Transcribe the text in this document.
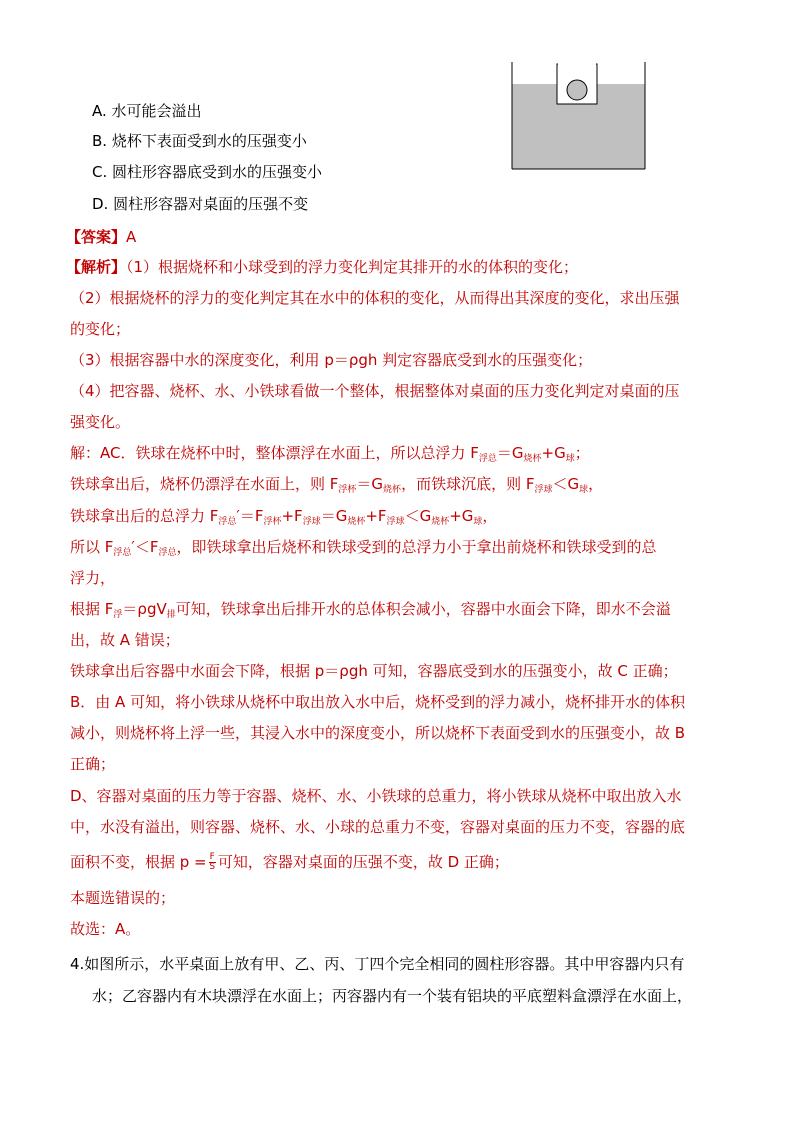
A. 水可能会溢出
B. 烧杯下表面受到水的压强变小
C. 圆柱形容器底受到水的压强变小
D. 圆柱形容器对桌面的压强不变
【答案】A
【解析】（1）根据烧杯和小球受到的浮力变化判定其排开的水的体积的变化；
（2）根据烧杯的浮力的变化判定其在水中的体积的变化，从而得出其深度的变化，求出压强
的变化；
（3）根据容器中水的深度变化，利用 p＝ρgh 判定容器底受到水的压强变化；
（4）把容器、烧杯、水、小铁球看做一个整体，根据整体对桌面的压力变化判定对桌面的压
强变化。
解：AC．铁球在烧杯中时，整体漂浮在水面上，所以总浮力 $F_{浮总}=G_{烧杯}+G_球$；
铁球拿出后，烧杯仍漂浮在水面上，则 $F_{浮杯}=G_{烧杯}$，而铁球沉底，则 $F_{浮球}<G_球$，
铁球拿出后的总浮力 $F_{浮总}'=F_{浮杯}+F_{浮球}=G_{烧杯}+F_{浮球}<G_{烧杯}+G_球$，
所以 $F_{浮总}'<F_{浮总}$，即铁球拿出后烧杯和铁球受到的总浮力小于拿出前烧杯和铁球受到的总
浮力，
根据 $F_浮=\rho gV_排$可知，铁球拿出后排开水的总体积会减小，容器中水面会下降，即水不会溢
出，故 A 错误；
铁球拿出后容器中水面会下降，根据 p＝ρgh 可知，容器底受到水的压强变小，故 C 正确；
B．由 A 可知，将小铁球从烧杯中取出放入水中后，烧杯受到的浮力减小，烧杯排开水的体积
减小，则烧杯将上浮一些，其浸入水中的深度变小，所以烧杯下表面受到水的压强变小，故 B
正确；
D、容器对桌面的压力等于容器、烧杯、水、小铁球的总重力，将小铁球从烧杯中取出放入水
中，水没有溢出，则容器、烧杯、水、小球的总重力不变，容器对桌面的压力不变，容器的底
面积不变，根据 $p = \frac{F}{S}$ 可知，容器对桌面的压强不变，故 D 正确；
本题选错误的；
故选：A。
4.如图所示，水平桌面上放有甲、乙、丙、丁四个完全相同的圆柱形容器。其中甲容器内只有
水；乙容器内有木块漂浮在水面上；丙容器内有一个装有铝块的平底塑料盒漂浮在水面上，
